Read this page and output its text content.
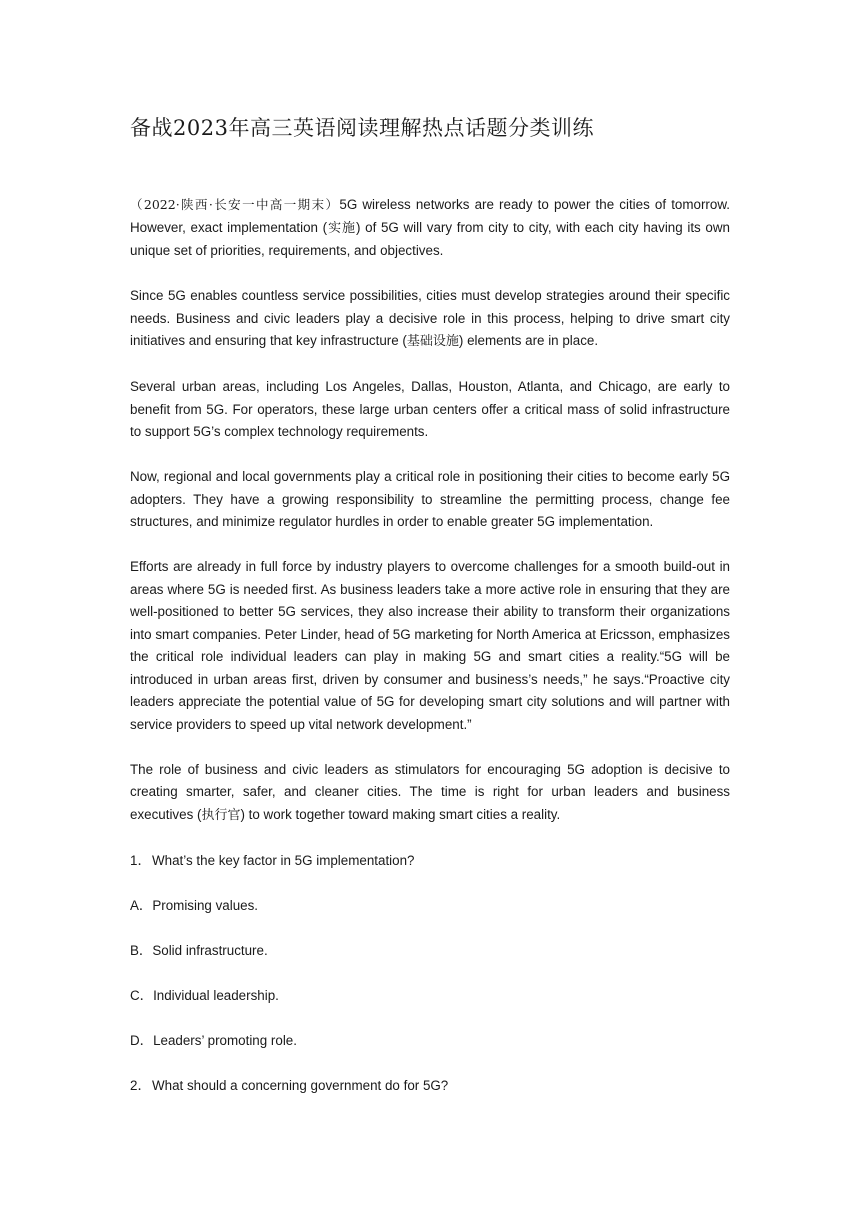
备战2023年高三英语阅读理解热点话题分类训练

（2022·陕西·长安一中高一期末）5G wireless networks are ready to power the cities of tomorrow. However, exact implementation (实施) of 5G will vary from city to city, with each city having its own unique set of priorities, requirements, and objectives.

Since 5G enables countless service possibilities, cities must develop strategies around their specific needs. Business and civic leaders play a decisive role in this process, helping to drive smart city initiatives and ensuring that key infrastructure (基础设施) elements are in place.

Several urban areas, including Los Angeles, Dallas, Houston, Atlanta, and Chicago, are early to benefit from 5G. For operators, these large urban centers offer a critical mass of solid infrastructure to support 5G’s complex technology requirements.

Now, regional and local governments play a critical role in positioning their cities to become early 5G adopters. They have a growing responsibility to streamline the permitting process, change fee structures, and minimize regulator hurdles in order to enable greater 5G implementation.

Efforts are already in full force by industry players to overcome challenges for a smooth build-out in areas where 5G is needed first. As business leaders take a more active role in ensuring that they are well-positioned to better 5G services, they also increase their ability to transform their organizations into smart companies. Peter Linder, head of 5G marketing for North America at Ericsson, emphasizes the critical role individual leaders can play in making 5G and smart cities a reality.“5G will be introduced in urban areas first, driven by consumer and business’s needs,” he says.“Proactive city leaders appreciate the potential value of 5G for developing smart city solutions and will partner with service providers to speed up vital network development.”

The role of business and civic leaders as stimulators for encouraging 5G adoption is decisive to creating smarter, safer, and cleaner cities. The time is right for urban leaders and business executives (执行官) to work together toward making smart cities a reality.

1．What’s the key factor in 5G implementation?
A．Promising values.
B．Solid infrastructure.
C．Individual leadership.
D．Leaders’ promoting role.
2．What should a concerning government do for 5G?
